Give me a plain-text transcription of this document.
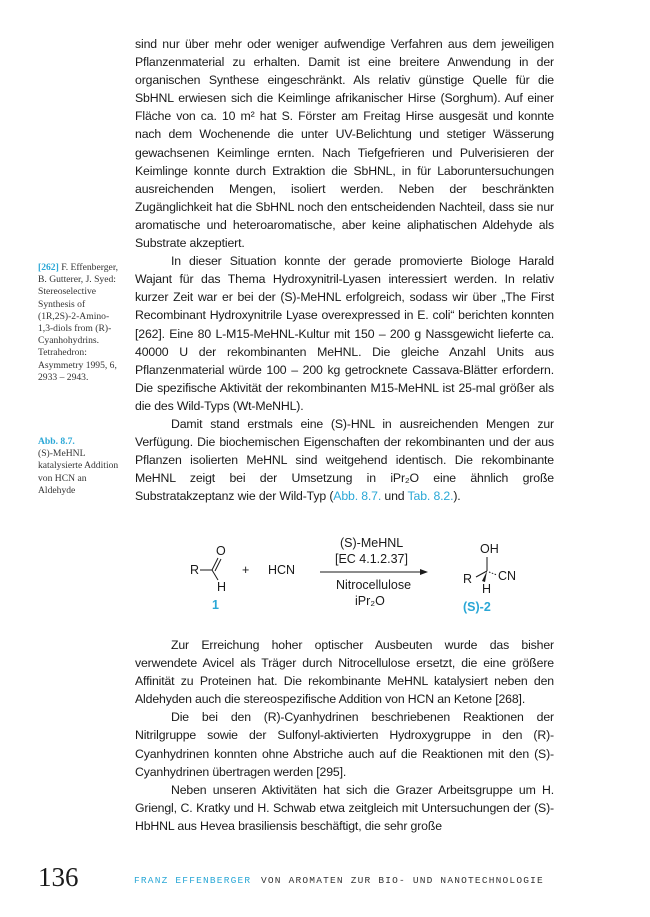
sind nur über mehr oder weniger aufwendige Verfahren aus dem jeweiligen Pflanzenmaterial zu erhalten. Damit ist eine breitere Anwendung in der organischen Synthese eingeschränkt. Als relativ günstige Quelle für die SbHNL erwiesen sich die Keimlinge afrikanischer Hirse (Sorghum). Auf einer Fläche von ca. 10 m² hat S. Förster am Freitag Hirse ausgesät und konnte nach dem Wochenende die unter UV-Belichtung und stetiger Wässerung gewachsenen Keimlinge ernten. Nach Tiefgefrieren und Pulverisieren der Keimlinge konnte durch Extraktion die SbHNL, in für Laboruntersuchungen ausreichenden Mengen, isoliert werden. Neben der beschränkten Zugänglichkeit hat die SbHNL noch den entscheidenden Nachteil, dass sie nur aromatische und heteroaromatische, aber keine aliphatischen Aldehyde als Substrate akzeptiert.

In dieser Situation konnte der gerade promovierte Biologe Harald Wajant für das Thema Hydroxynitril-Lyasen interessiert werden. In relativ kurzer Zeit war er bei der (S)-MeHNL erfolgreich, sodass wir über „The First Recombinant Hydroxynitrile Lyase overexpressed in E. coli“ berichten konnten [262]. Eine 80 L-M15-MeHNL-Kultur mit 150 – 200 g Nassgewicht lieferte ca. 40000 U der rekombinanten MeHNL. Die gleiche Anzahl Units aus Pflanzenmaterial würde 100 – 200 kg getrocknete Cassava-Blätter erfordern. Die spezifische Aktivität der rekombinanten M15-MeHNL ist 25-mal größer als die des Wild-Typs (Wt-MeNHL).

Damit stand erstmals eine (S)-HNL in ausreichenden Mengen zur Verfügung. Die biochemischen Eigenschaften der rekombinanten und der aus Pflanzen isolierten MeHNL sind weitgehend identisch. Die rekombinante MeHNL zeigt bei der Umsetzung in iPr₂O eine ähnlich große Substratakzeptanz wie der Wild-Typ (Abb. 8.7. und Tab. 8.2.).

[262] F. Effenberger, B. Gutterer, J. Syed: Stereoselective Synthesis of (1R,2S)-2-Amino-1,3-diols from (R)-Cyanhohydrins. Tetrahedron: Asymmetry 1995, 6, 2933 – 2943.
Abb. 8.7.
(S)-MeHNL katalysierte Addition von HCN an Aldehyde
R
O
H
1
+ HCN
(S)-MeHNL
[EC 4.1.2.37]
Nitrocellulose
iPr₂O
OH
R CN
H
(S)-2

Zur Erreichung hoher optischer Ausbeuten wurde das bisher verwendete Avicel als Träger durch Nitrocellulose ersetzt, die eine größere Affinität zu Proteinen hat. Die rekombinante MeHNL katalysiert neben den Aldehyden auch die stereospezifische Addition von HCN an Ketone [268].

Die bei den (R)-Cyanhydrinen beschriebenen Reaktionen der Nitrilgruppe sowie der Sulfonyl-aktivierten Hydroxygruppe in den (R)-Cyanhydrinen konnten ohne Abstriche auch auf die Reaktionen mit den (S)-Cyanhydrinen übertragen werden [295].

Neben unseren Aktivitäten hat sich die Grazer Arbeitsgruppe um H. Griengl, C. Kratky und H. Schwab etwa zeitgleich mit Untersuchungen der (S)-HbHNL aus Hevea brasiliensis beschäftigt, die sehr große

136	FRANZ EFFENBERGER VON AROMATEN ZUR BIO- UND NANOTECHNOLOGIE
